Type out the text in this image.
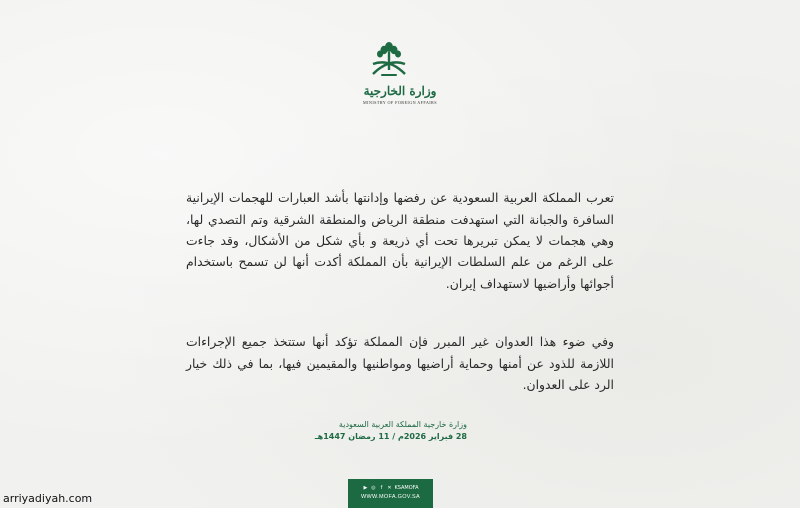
وزارة الخارجية
MINISTRY OF FOREIGN AFFAIRS

تعرب المملكة العربية السعودية عن رفضها وإدانتها بأشد العبارات للهجمات الإيرانية السافرة والجبانة التي استهدفت منطقة الرياض والمنطقة الشرقية وتم التصدي لها، وهي هجمات لا يمكن تبريرها تحت أي ذريعة و بأي شكل من الأشكال، وقد جاءت على الرغم من علم السلطات الإيرانية بأن المملكة أكدت أنها لن تسمح باستخدام أجوائها وأراضيها لاستهداف إيران.

وفي ضوء هذا العدوان غير المبرر فإن المملكة تؤكد أنها ستتخذ جميع الإجراءات اللازمة للذود عن أمنها وحماية أراضيها ومواطنيها والمقيمين فيها، بما في ذلك خيار الرد على العدوان.

وزارة خارجية المملكة العربية السعودية
28 فبراير 2026م / 11 رمضان 1447هـ
▶ ◎ f	✕ KSAMOFA
WWW.MOFA.GOV.SA
arriyadiyah.com
